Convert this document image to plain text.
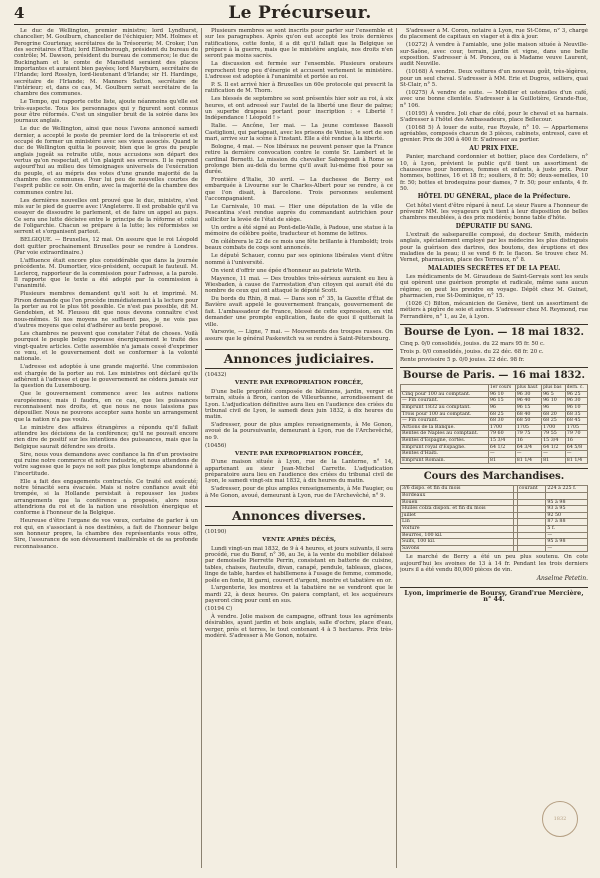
4	Le Précurseur.

Le duc de Wellington, premier ministre; lord Lyndhurst, chancelier; M. Goulburn, chancelier de l'échiquier; MM. Holmes et Peregrine Courtenay, secrétaires de la Trésorerie; M. Croker, l'un des secrétaires d'État; lord Ellenborough, président du bureau du contrôle; M. Dawson, président du bureau de commerce; le duc de Buckingham et le comte de Mansfield seraient des places importantes et auraient bien payées; lord Maryburn, secrétaire de l'Irlande; lord Rosslyn, lord-lieutenant d'Irlande; sir H. Hardinge, secrétaire de l'Irlande; M. Manners Sutton, secrétaire de l'intérieur; et, dans ce cas, M. Goulburn serait secrétaire de la chambre des communes.

Le Tempo, qui rapporte cette liste, ajoute néanmoins qu'elle est très-suspecte. Tous les personnages qui y figurent sont connus pour être réformés. C'est un singulier bruit de la soirée dans les journaux anglais.

Le duc de Wellington, ainsi que nous l'avons annoncé samedi dernier, a accepté le poste de premier lord de la trésorerie et est occupé de former un ministère avec ses vieux associés. Quand le duc de Wellington quitta le pouvoir, bien que le gros du peuple anglais jugeât sa retraite utile, nous accusions son départ des vertus qu'on respectait, et l'on plaignit ses erreurs. Il le reprend aujourd'hui au milieu des témoignages universels de l'exécration du peuple, et au mépris des votes d'une grande majorité de la chambre des communes. Pour lui peu de nouvelles courtes de l'esprit public ce soir. On enfin, avec la majorité de la chambre des communes contre lui.

Les dernières nouvelles ont prouvé que le duc, ministre, s'est mis sur le pied de guerre avec l'Angleterre. Il est probable qu'il va essayer de dissoudre le parlement, et de faire un appel au pays. Ce sera une lutte décisive entre le principe de la réforme et celui de l'oligarchie. Chacun se prépare à la lutte; les réformistes se serrent et s'organisent partout.

BELGIQUE. — Bruxelles, 12 mai. On assure que le roi Léopold doit quitter prochainement Bruxelles pour se rendre à Londres. (Par voie extraordinaire.)

L'affluence était encore plus considérable que dans la journée précédente. M. Dumortier, vice-président, occupait le fauteuil. M. Leclercq, rapporteur de la commission pour l'adresse, a la parole. Il rapporte que le texte a été adopté par la commission à l'unanimité.

Plusieurs membres demandent qu'il soit lu et imprimé. M. Pirson demande que l'on procède immédiatement à la lecture pour la porter au roi le plus tôt possible. Ce n'est pas possible, dit M. Gendebien, et M. Fleussu dit que nous devons connaître c'est nous-mêmes. Si nos moyens ne suffisent pas, je ne vois pas d'autres moyens que celui d'adhérer au texte proposé.

Les chambres ne peuvent que constater l'état de choses. Voilà pourquoi le peuple belge repousse énergiquement le traité des vingt-quatre articles. Cette assemblée n'a jamais cessé d'exprimer ce vœu, et le gouvernement doit se conformer à la volonté nationale.

L'adresse est adoptée à une grande majorité. Une commission est chargée de la porter au roi. Les ministres ont déclaré qu'ils adhèrent à l'adresse et que le gouvernement ne cédera jamais sur la question du Luxembourg.

Que le gouvernement commence avec les autres nations européennes; mais il faudra, en ce cas, que les puissances reconnaissent nos droits, et que nous ne nous laissions pas dépouiller. Nous ne pouvons accepter sans honte un arrangement que la nation n'a pas voulu.

Le ministre des affaires étrangères a répondu qu'il fallait attendre les décisions de la conférence; qu'il ne pouvait encore rien dire de positif sur les intentions des puissances, mais que la Belgique saurait défendre ses droits.

Sire, nous vous demandons avec confiance la fin d'un provisoire qui ruine notre commerce et notre industrie, et nous attendons de votre sagesse que le pays ne soit pas plus longtemps abandonné à l'incertitude.

Elle a fait des engagements contractés. Ce traité est exécuté; notre ténacité sera évacuée. Mais si notre confiance avait été trompée, si la Hollande persistait à repousser les justes arrangements que la conférence a proposés, alors nous attendrions du roi et de la nation une résolution énergique et conforme à l'honneur de la Belgique.

Heureuse d'être l'organe de vos vœux, certaine de parler à un roi qui, en s'associant à nos destinées, a fait de l'honneur belge son honneur propre, la chambre des représentants vous offre, Sire, l'assurance de son dévouement inaltérable et de sa profonde reconnaissance.

Plusieurs membres se sont inscrits pour parler sur l'ensemble et sur les paragraphes. Après qu'on eut accepté les trois dernières ratifications, cette fonte, il a dit qu'il fallait que la Belgique se prépare à la guerre, mais que le ministère anglais, nos droits n'en seront pas moins sacrés.

La discussion est fermée sur l'ensemble. Plusieurs orateurs reprochent trop peu d'énergie et accusent vertement le ministère. L'adresse est adoptée à l'unanimité et portée au roi.

P. S. Il est arrivé hier à Bruxelles un 60e protocole qui prescrit la ratification de M. Thorn.

Les blessés de septembre se sont présentés hier soir au roi, à six heures, et ont adressé sur l'autel de la liberté une fleur de palme; un superbe drapeau portant pour inscription : « Liberté ! Indépendance ! Léopold ! »

Italie. — Ancône, 1er mai. — La jeune comtesse Bassoli Castiglioni, qui partageait, avec les prisons de Venise, le sort de son mari, arrive sur la scène à l'instant. Elle a été rendue à la liberté.

Bologne, 4 mai. — Nos libéraux ne peuvent penser que la France retire la dernière convocation contre le comte Sr. Lambert et le cardinal Bernetti. La mission du chevalier Sabregondi à Rome se prolonge bien au-delà du terme qu'il avait lui-même fixé pour sa durée.

Frontière d'Italie, 30 avril. — La duchesse de Berry est embarquée à Livourne sur le Charles-Albert pour se rendre, à ce que l'on disait, à Barcelone. Trois personnes seulement l'accompagnaient.

Le Carnivale, 10 mai. — Hier une députation de la ville de Pescantina s'est rendue auprès du commandant autrichien pour solliciter la levée de l'état de siège.

Un ordre a été signé au Pont-delle-Valle, à Padoue, une statue à la mémoire de célèbre poète, traducteur et homme de lettres.

On célébrera le 22 de ce mois une fête brillante à Humboldt; trois beaux combats de coqs sont annoncés.

Le député Schauer, connu par ses opinions libérales vient d'être nommé à l'université.

On vient d'offrir une épée d'honneur au patriote Wirth.

Mayence, 11 mai. — Des troubles très-sérieux auraient eu lieu à Wiesbaden, à cause de l'arrestation d'un citoyen qui aurait été du nombre de ceux qui ont attaqué le député Scott.

Du bords du Rhin, 8 mai. — Dans son n° 35, la Gazette d'État de Bavière avait appelé le gouvernement français, gouvernement de fait. L'ambassadeur de France, blessé de cette expression, en vint demander une prompte explication, faute de quoi il quitterait la ville.

Varsovie, — Ligne, 7 mai. — Mouvements des troupes russes. On assure que le général Paskewitch va se rendre à Saint-Pétersbourg.

Annonces judiciaires.

(10432)

VENTE PAR EXPROPRIATION FORCÉE,

D'une belle propriété composée de bâtimens, jardin, verger et terrain, situés à Bron, canton de Villeurbanne, arrondissement de Lyon. L'adjudication définitive aura lieu en l'audience des criées du tribunal civil de Lyon, le samedi deux juin 1832, à dix heures du matin.

S'adresser, pour de plus amples renseignements, à Me Gonon, avoué de la poursuivante, demeurant à Lyon, rue de l'Archevêché, no 9.

(10456)

VENTE PAR EXPROPRIATION FORCÉE,

D'une maison située à Lyon, rue de la Lanterne, n° 14, appartenant au sieur Jean-Michel Carrette. L'adjudication préparatoire aura lieu en l'audience des criées du tribunal civil de Lyon, le samedi vingt-six mai 1832, à dix heures du matin.

S'adresser, pour de plus amples renseignements, à Me Faugier, ou à Me Gonon, avoué, demeurant à Lyon, rue de l'Archevêché, n° 9.

Annonces diverses.

(10190)

VENTE APRÈS DÉCÈS,

Lundi vingt-un mai 1832, de 9 à 4 heures, et jours suivants, il sera procédé, rue du Bœuf, n° 36, au 3e, à la vente du mobilier délaissé par demoiselle Pierrette Perrin, consistant en batterie de cuisine, tables, chaises, fauteuils, divan, canapé, pendule, tableaux, glaces, linge de table, hardes et habillemens à l'usage de femme, commode, poêle en fonte, lit garni, couvert d'argent, montre et tabatière en or.

L'argenterie, les montres et la tabatière ne se vendront que le mardi 22, à deux heures. On paiera comptant, et les acquéreurs payeront cinq pour cent en sus.

(10194 C)

À vendre. Jolie maison de campagne, offrant tous les agréments désirables, ayant jardin et bois anglais, salle d'ochre, place d'eau, verger, prés et terres, le tout contenant 4 à 5 hectares. Prix très-modéré. S'adresser à Me Gonon, notaire.

S'adresser à M. Coron, notaire à Lyon, rue St-Côme, n° 3, chargé du placement de capitaux en viager et à dix à jour.

(10272) À vendre à l'amiable, une jolie maison située à Neuville-sur-Saône, avec cour, terrain, jardin et vigne, dans une belle exposition. S'adresser à M. Ponceu, ou à Madame veuve Laurent, audit Neuville.

(10168) À vendre. Deux voitures d'un nouveau goût, très-légères, pour un seul cheval. S'adresser à MM. Erie et Dugros, selliers, quai St-Clair, n° 5.

(10275) À vendre de suite. — Mobilier et ustensiles d'un café, avec une bonne clientèle. S'adresser à la Guillotière, Grande-Rue, n° 106.

(10195) À vendre. Joli char de côté, pour le cheval et sa harnais. S'adresser à l'hôtel des Ambassadeurs, place Bellecour.

(10168 5) À louer de suite, rue Royale, n° 10. — Appartemens agréables, composés chacun de 3 pièces, cabinets, entresol, cave et grenier. Prix de 300 à 400 fr. S'adresser au portier.

AU PRIX FIXE.

Panier, marchand cordonnier et bottier, place des Cordeliers, n° 10, à Lyon, prévient le public qu'il tient un assortiment de chaussures pour hommes, femmes et enfants, à juste prix. Pour hommes, bottines, 16 et 18 fr.; souliers, 8 fr. 50; deux-semelles, 10 fr. 50; bottes et brodequins pour dames, 7 fr. 50; pour enfants, 4 fr. 50.

HÔTEL DU GÉNÉRAL, place de la Préfecture.

Cet hôtel vient d'être réparé à neuf. Le sieur Faure a l'honneur de prévenir MM. les voyageurs qu'il tient à leur disposition de belles chambres meublées, à des prix modérés; bonne table d'hôte.

DÉPURATIF DU SANG.

L'extrait de salsepareille composé, du docteur Smith, médecin anglais, spécialement employé par les médecins les plus distingués pour la guérison des dartres, des boutons, des éruptions et des maladies de la peau; il se vend 6 fr. le flacon. Se trouve chez M. Vernet, pharmacien, place des Terreaux, n° 8.

MALADIES SECRÈTES ET DE LA PEAU.

Les médicaments de M. Giraudeau de Saint-Gervais sont les seuls qui opèrent une guérison prompte et radicale, même sans aucun régime; on peut les prendre en voyage. Dépôt chez M. Guinet, pharmacien, rue St-Dominique, n° 15.

(1026 C) Bilton, mécanicien de Genève, tient un assortiment de métiers à piqûre de soie et autres. S'adresser chez M. Reymond, rue Ferrandière, n° 1, au 2e, à Lyon.

Bourse de Lyon. — 18 mai 1832.

Cinq p. 0/0 consolidés, jouiss. du 22 mars 95 fr. 50 c.

Trois p. 0/0 consolidés, jouiss. du 22 déc. 68 fr. 20 c.

Rente provisoire 5 p. 0/0 jouiss. 22 déc. 98 fr.

Bourse de Paris. — 16 mai 1832.
	1er cours	plus haut	plus bas	dern. c.
Cinq pour 100 au comptant.	96 10	96 30	96 5	96 25
— Fin courant.	96 15	96 40	96 10	96 30
Emprunt 1832 au comptant.	96	96 15	96	96 10
Trois pour 100 au comptant.	68 25	68 40	68 20	68 35
— Fin courant.	68 30	68 50	68 25	68 45
Actions de la Banque.	1700	1705	1700	1705
Rentes de Naples au comptant.	79 60	79 75	79 55	79 70
Rentes d'Espagne, cortès.	15 3/4	16	15 3/4	16
Emprunt royal d'Espagne.	64 1/2	64 3/4	64 1/2	64 5/8
Rentes d'Haïti.	—	—	—	—
Emprunt Romain.	81	81 1/4	81	81 1/4
Cours des Marchandises.
3/6 dispo. et fin du mois		courant	224 à 225 f.
Bordeaux			
Rouen			95 à 98
Huiles colza dispon. et fin du mois			93 à 95
juillet			92 50
Lin			87 à 88
Voiture			5 f.
Beurres, 100 kil.			—
Suifs, 100 kil.			95 à 98
Savons			—

Le marché de Berry a été un peu plus soutenu. On cote aujourd'hui les avoines de 13 à 14 fr. Pendant les trois derniers jours il a été vendu 80,000 pièces de vin.

Anselme Petetin.
Lyon, imprimerie de Boursy, Grand'rue Mercière, n° 44.
1832
